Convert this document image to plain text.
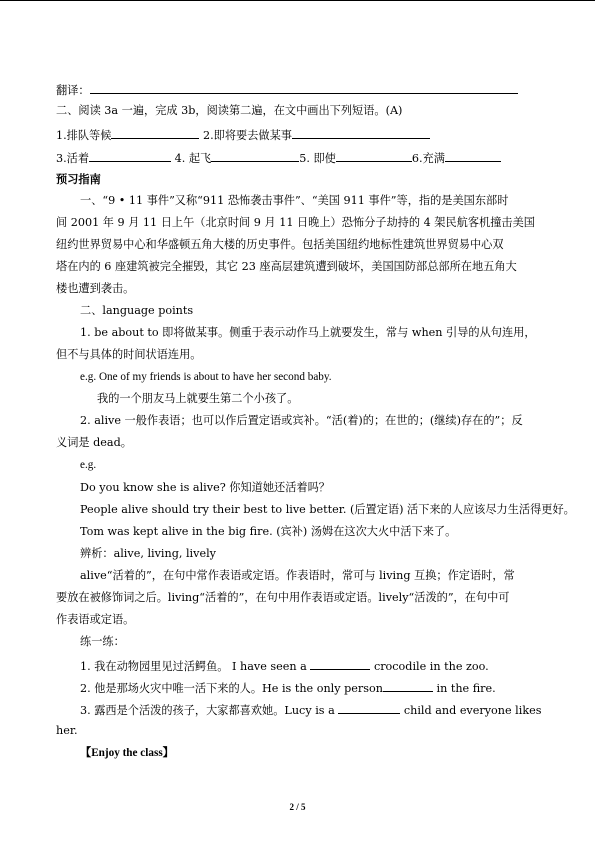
翻译：
二、阅读 3a 一遍，完成 3b，阅读第二遍，在文中画出下列短语。(A)
1.排队等候	2.即将要去做某事
3.活着	4. 起飞	5. 即使	6.充满
预习指南
一、“9 • 11 事件”又称“911 恐怖袭击事件”、“美国 911 事件”等，指的是美国东部时
间 2001 年 9 月 11 日上午（北京时间 9 月 11 日晚上）恐怖分子劫持的 4 架民航客机撞击美国
纽约世界贸易中心和华盛顿五角大楼的历史事件。包括美国纽约地标性建筑世界贸易中心双
塔在内的 6 座建筑被完全摧毁，其它 23 座高层建筑遭到破坏，美国国防部总部所在地五角大
楼也遭到袭击。
二、language points
1. be about to 即将做某事。侧重于表示动作马上就要发生，常与 when 引导的从句连用，
但不与具体的时间状语连用。
e.g. One of my friends is about to have her second baby.
我的一个朋友马上就要生第二个小孩了。
2. alive 一般作表语；也可以作后置定语或宾补。“活(着)的；在世的；(继续)存在的”；反
义词是 dead。
e.g.
Do you know she is alive? 你知道她还活着吗？
People alive should try their best to live better. (后置定语) 活下来的人应该尽力生活得更好。
Tom was kept alive in the big fire. (宾补) 汤姆在这次大火中活下来了。
辨析：alive, living, lively
alive“活着的”，在句中常作表语或定语。作表语时，常可与 living 互换；作定语时，常
要放在被修饰词之后。living“活着的”，在句中用作表语或定语。lively“活泼的”，在句中可
作表语或定语。
练一练：
1. 我在动物园里见过活鳄鱼。 I have seen a	crocodile in the zoo.
2. 他是那场火灾中唯一活下来的人。He is the only person	in the fire.
3. 露西是个活泼的孩子，大家都喜欢她。Lucy is a	child and everyone likes
her.
【Enjoy the class】
2 / 5
